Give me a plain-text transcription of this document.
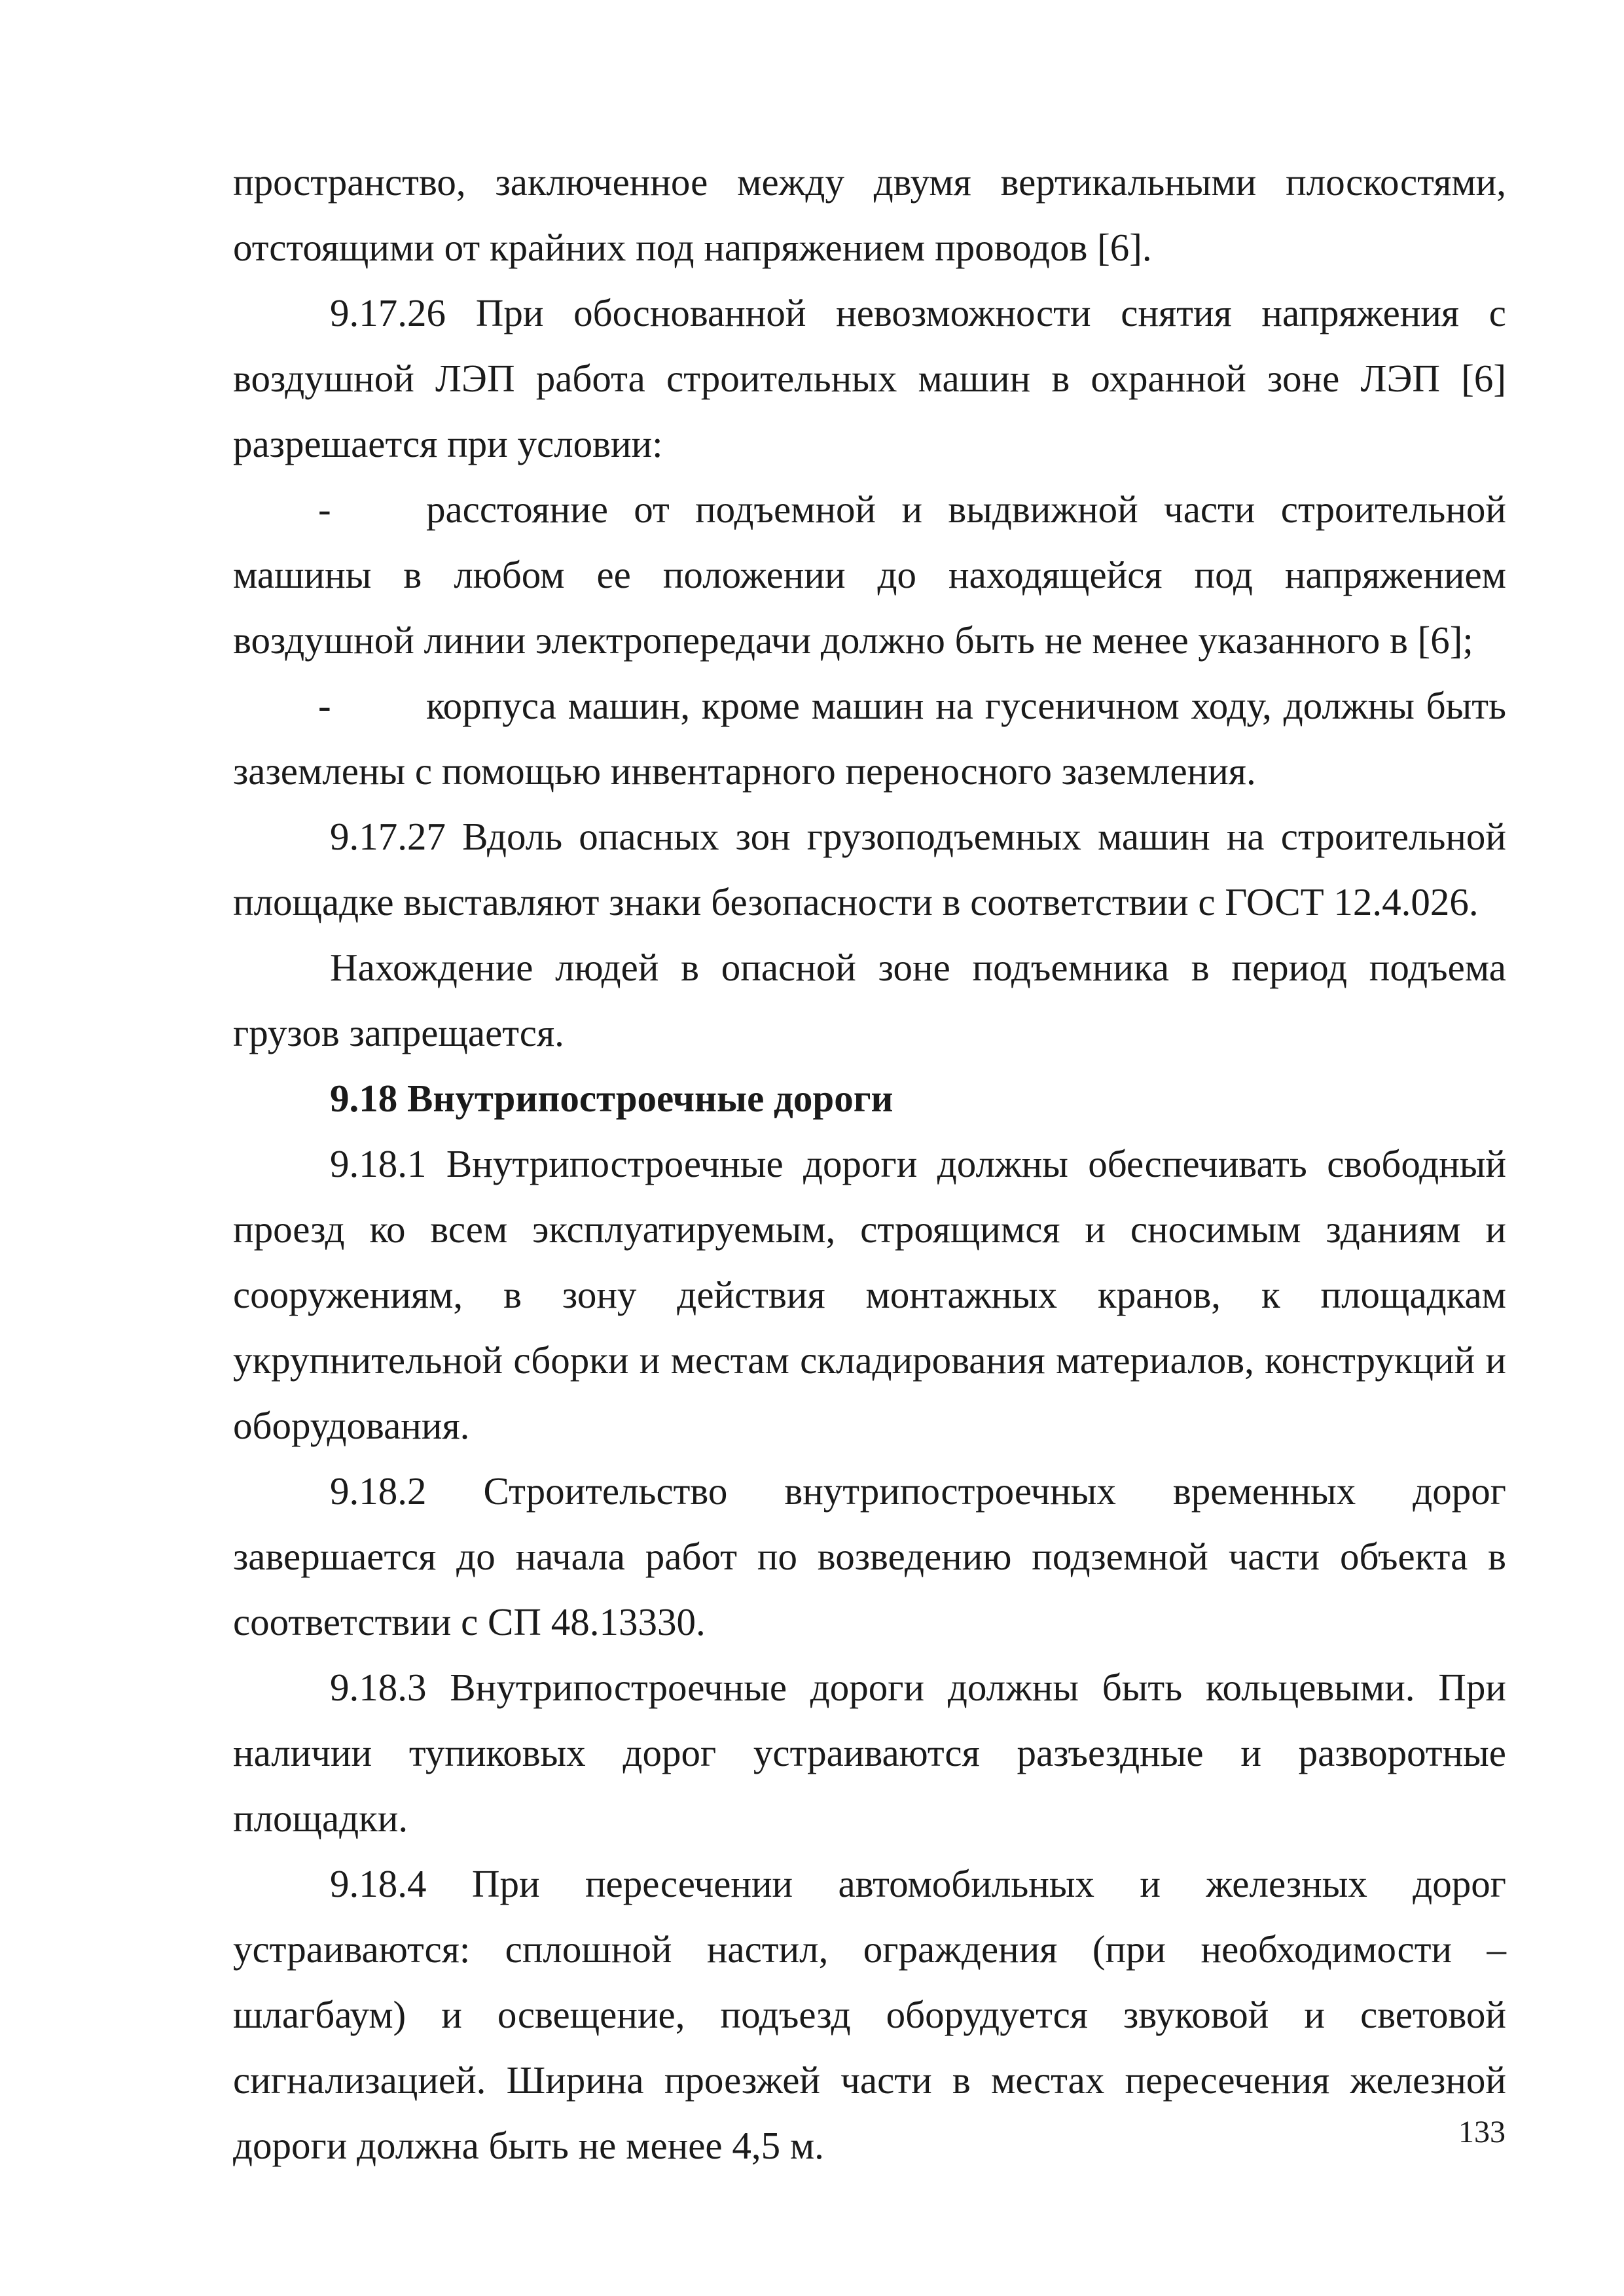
пространство, заключенное между двумя вертикальными плоскостями, отстоящими от крайних под напряжением проводов [6].

9.17.26 При обоснованной невозможности снятия напряжения с воздушной ЛЭП работа строительных машин в охранной зоне ЛЭП [6] разрешается при условии:

- расстояние от подъемной и выдвижной части строительной машины в любом ее положении до находящейся под напряжением воздушной линии электропередачи должно быть не менее указанного в [6];

- корпуса машин, кроме машин на гусеничном ходу, должны быть заземлены с помощью инвентарного переносного заземления.

9.17.27 Вдоль опасных зон грузоподъемных машин на строительной площадке выставляют знаки безопасности в соответствии с ГОСТ 12.4.026.

Нахождение людей в опасной зоне подъемника в период подъема грузов запрещается.

9.18 Внутрипостроечные дороги

9.18.1 Внутрипостроечные дороги должны обеспечивать свободный проезд ко всем эксплуатируемым, строящимся и сносимым зданиям и сооружениям, в зону действия монтажных кранов, к площадкам укрупнительной сборки и местам складирования материалов, конструкций и оборудования.

9.18.2 Строительство внутрипостроечных временных дорог завершается до начала работ по возведению подземной части объекта в соответствии с СП 48.13330.

9.18.3 Внутрипостроечные дороги должны быть кольцевыми. При наличии тупиковых дорог устраиваются разъездные и разворотные площадки.

9.18.4 При пересечении автомобильных и железных дорог устраиваются: сплошной настил, ограждения (при необходимости – шлагбаум) и освещение, подъезд оборудуется звуковой и световой сигнализацией. Ширина проезжей части в местах пересечения железной дороги должна быть не менее 4,5 м.	133
